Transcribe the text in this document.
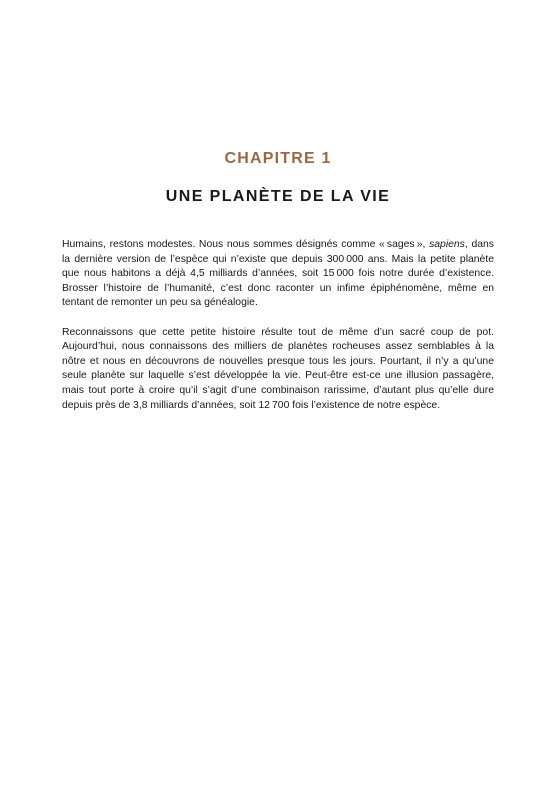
CHAPITRE 1
UNE PLANÈTE DE LA VIE

Humains, restons modestes. Nous nous sommes désignés comme « sages », sapiens, dans la dernière version de l’espèce qui n’existe que depuis 300 000 ans. Mais la petite planète que nous habitons a déjà 4,5 milliards d’années, soit 15 000 fois notre durée d’existence. Brosser l’histoire de l’humanité, c’est donc raconter un infime épiphénomène, même en tentant de remonter un peu sa généalogie.

Reconnaissons que cette petite histoire résulte tout de même d’un sacré coup de pot. Aujourd’hui, nous connaissons des milliers de planètes rocheuses assez semblables à la nôtre et nous en découvrons de nouvelles presque tous les jours. Pourtant, il n’y a qu’une seule planète sur laquelle s’est développée la vie. Peut-être est-ce une illusion passagère, mais tout porte à croire qu’il s’agit d’une combinaison rarissime, d’autant plus qu’elle dure depuis près de 3,8 milliards d’années, soit 12 700 fois l’existence de notre espèce.
